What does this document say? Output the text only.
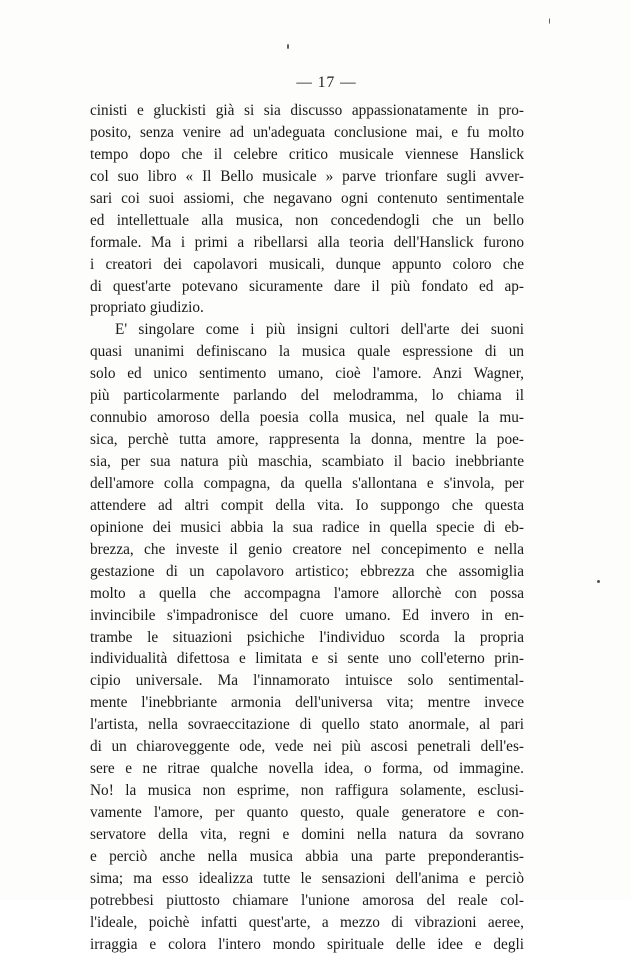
— 17 —
cinisti e gluckisti già si sia discusso appassionatamente in pro-
posito, senza venire ad un'adeguata conclusione mai, e fu molto
tempo dopo che il celebre critico musicale viennese Hanslick
col suo libro « Il Bello musicale » parve trionfare sugli avver-
sari coi suoi assiomi, che negavano ogni contenuto sentimentale
ed intellettuale alla musica, non concedendogli che un bello
formale. Ma i primi a ribellarsi alla teoria dell'Hanslick furono
i creatori dei capolavori musicali, dunque appunto coloro che
di quest'arte potevano sicuramente dare il più fondato ed ap-
propriato giudizio.
E' singolare come i più insigni cultori dell'arte dei suoni
quasi unanimi definiscano la musica quale espressione di un
solo ed unico sentimento umano, cioè l'amore. Anzi Wagner,
più particolarmente parlando del melodramma, lo chiama il
connubio amoroso della poesia colla musica, nel quale la mu-
sica, perchè tutta amore, rappresenta la donna, mentre la poe-
sia, per sua natura più maschia, scambiato il bacio inebbriante
dell'amore colla compagna, da quella s'allontana e s'invola, per
attendere ad altri compit della vita. Io suppongo che questa
opinione dei musici abbia la sua radice in quella specie di eb-
brezza, che investe il genio creatore nel concepimento e nella
gestazione di un capolavoro artistico; ebbrezza che assomiglia
molto a quella che accompagna l'amore allorchè con possa
invincibile s'impadronisce del cuore umano. Ed invero in en-
trambe le situazioni psichiche l'individuo scorda la propria
individualità difettosa e limitata e si sente uno coll'eterno prin-
cipio universale. Ma l'innamorato intuisce solo sentimental-
mente l'inebbriante armonia dell'universa vita; mentre invece
l'artista, nella sovraeccitazione di quello stato anormale, al pari
di un chiaroveggente ode, vede nei più ascosi penetrali dell'es-
sere e ne ritrae qualche novella idea, o forma, od immagine.
No! la musica non esprime, non raffigura solamente, esclusi-
vamente l'amore, per quanto questo, quale generatore e con-
servatore della vita, regni e domini nella natura da sovrano
e perciò anche nella musica abbia una parte preponderantis-
sima; ma esso idealizza tutte le sensazioni dell'anima e perciò
potrebbesi piuttosto chiamare l'unione amorosa del reale col-
l'ideale, poichè infatti quest'arte, a mezzo di vibrazioni aeree,
irraggia e colora l'intero mondo spirituale delle idee e degli
